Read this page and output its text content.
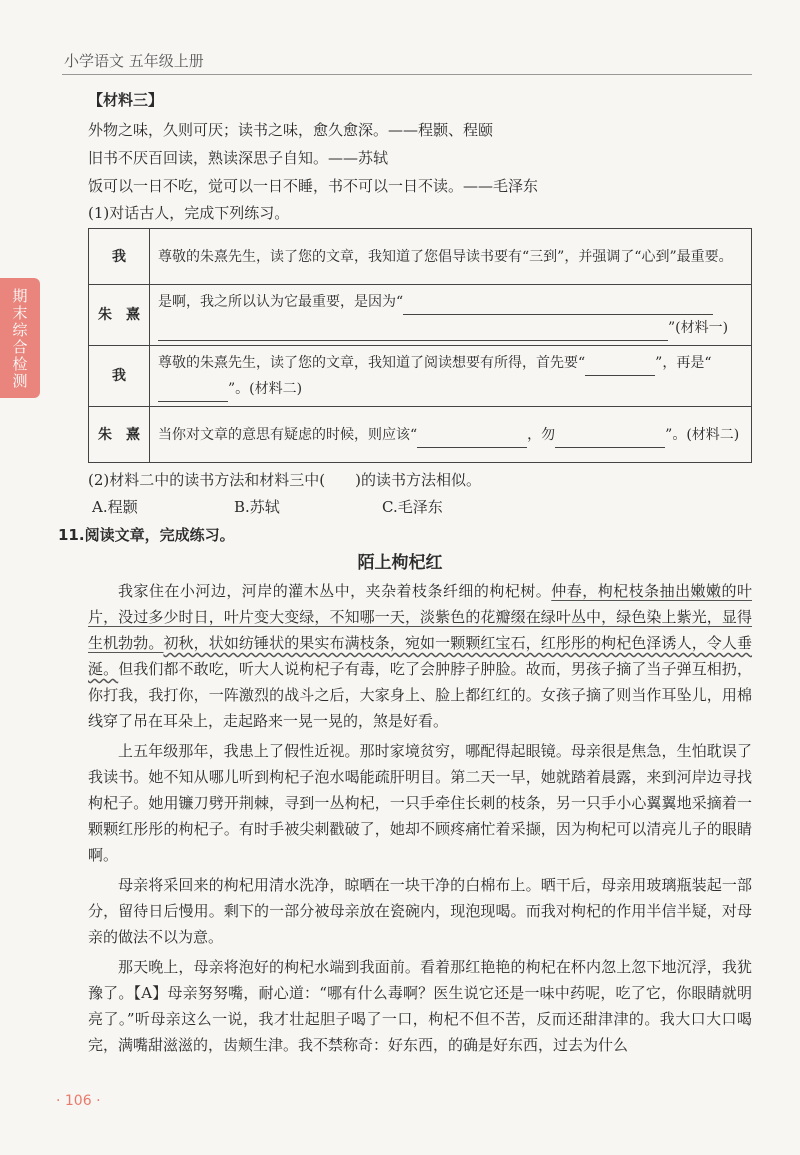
小学语文 五年级上册
期
末
综
合
检
测
【材料三】
外物之味，久则可厌；读书之味，愈久愈深。——程颢、程颐
旧书不厌百回读，熟读深思子自知。——苏轼
饭可以一日不吃，觉可以一日不睡，书不可以一日不读。——毛泽东
(1)对话古人，完成下列练习。
我	尊敬的朱熹先生，读了您的文章，我知道了您倡导读书要有“三到”，并强调了“心到”最重要。
朱　熹	是啊，我之所以认为它最重要，是因为“
”(材料一)
我	尊敬的朱熹先生，读了您的文章，我知道了阅读想要有所得，首先要“ ”，再是“
”。(材料二)
朱　熹	当你对文章的意思有疑虑的时候，则应该“ ，勿 ”。(材料二)
(2)材料二中的读书方法和材料三中(　　)的读书方法相似。
A.程颢	B.苏轼	C.毛泽东
11.阅读文章，完成练习。
陌上枸杞红

我家住在小河边，河岸的灌木丛中，夹杂着枝条纤细的枸杞树。仲春，枸杞枝条抽出嫩嫩的叶片，没过多少时日，叶片变大变绿，不知哪一天，淡紫色的花瓣缀在绿叶丛中，绿色染上紫光，显得生机勃勃。初秋，状如纺锤状的果实布满枝条，宛如一颗颗红宝石，红彤彤的枸杞色泽诱人，令人垂涎。但我们都不敢吃，听大人说枸杞子有毒，吃了会肿脖子肿脸。故而，男孩子摘了当子弹互相扔，你打我，我打你，一阵激烈的战斗之后，大家身上、脸上都红红的。女孩子摘了则当作耳坠儿，用棉线穿了吊在耳朵上，走起路来一晃一晃的，煞是好看。

上五年级那年，我患上了假性近视。那时家境贫穷，哪配得起眼镜。母亲很是焦急，生怕耽误了我读书。她不知从哪儿听到枸杞子泡水喝能疏肝明目。第二天一早，她就踏着晨露，来到河岸边寻找枸杞子。她用镰刀劈开荆棘，寻到一丛枸杞，一只手牵住长刺的枝条，另一只手小心翼翼地采摘着一颗颗红彤彤的枸杞子。有时手被尖刺戳破了，她却不顾疼痛忙着采撷，因为枸杞可以清亮儿子的眼睛啊。

母亲将采回来的枸杞用清水洗净，晾晒在一块干净的白棉布上。晒干后，母亲用玻璃瓶装起一部分，留待日后慢用。剩下的一部分被母亲放在瓷碗内，现泡现喝。而我对枸杞的作用半信半疑，对母亲的做法不以为意。

那天晚上，母亲将泡好的枸杞水端到我面前。看着那红艳艳的枸杞在杯内忽上忽下地沉浮，我犹豫了。【A】母亲努努嘴，耐心道：“哪有什么毒啊？医生说它还是一味中药呢，吃了它，你眼睛就明亮了。”听母亲这么一说，我才壮起胆子喝了一口，枸杞不但不苦，反而还甜津津的。我大口大口喝完，满嘴甜滋滋的，齿颊生津。我不禁称奇：好东西，的确是好东西，过去为什么

· 106 ·
